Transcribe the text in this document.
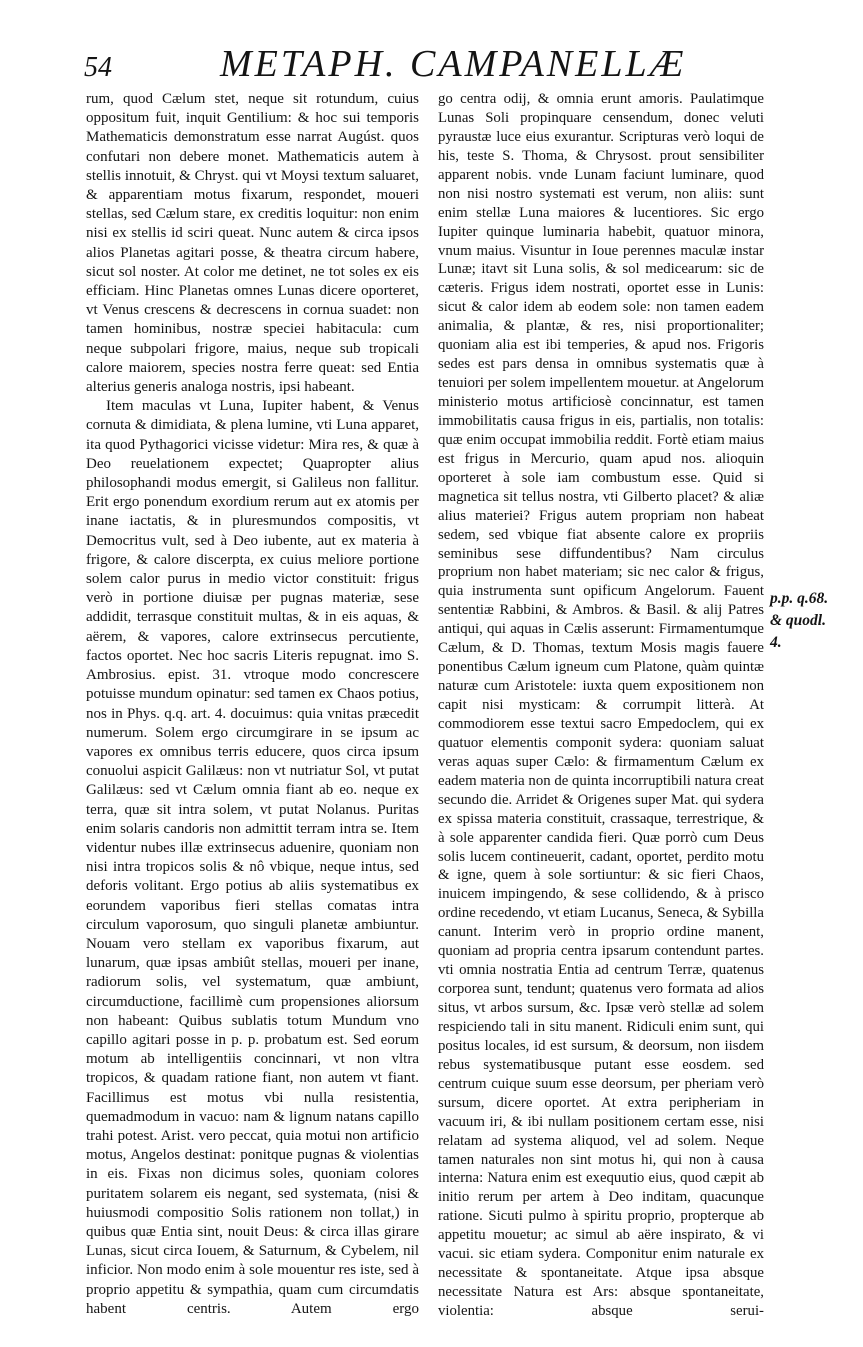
54	METAPH. CAMPANELLÆ

rum, quod Cælum stet, neque sit rotundum, cuius oppositum fuit, inquit Gentilium: & hoc sui temporis Mathematicis demonstratum esse narrat Augúst. quos confutari non debere monet. Mathematicis autem à stellis innotuit, & Chryst. qui vt Moysi textum saluaret, & apparentiam motus fixarum, respondet, moueri stellas, sed Cælum stare, ex creditis loquitur: non enim nisi ex stellis id sciri queat. Nunc autem & circa ipsos alios Planetas agitari posse, & theatra circum habere, sicut sol noster. At color me detinet, ne tot soles ex eis efficiam. Hinc Planetas omnes Lunas dicere oporteret, vt Venus crescens & decrescens in cornua suadet: non tamen hominibus, nostræ speciei habitacula: cum neque subpolari frigore, maius, neque sub tropicali calore maiorem, species nostra ferre queat: sed Entia alterius generis analoga nostris, ipsi habeant.

Item maculas vt Luna, Iupiter habent, & Venus cornuta & dimidiata, & plena lumine, vti Luna apparet, ita quod Pythagorici vicisse videtur: Mira res, & quæ à Deo reuelationem expectet; Quapropter alius philosophandi modus emergit, si Galileus non fallitur. Erit ergo ponendum exordium rerum aut ex atomis per inane iactatis, & in pluresmundos compositis, vt Democritus vult, sed à Deo iubente, aut ex materia à frigore, & calore discerpta, ex cuius meliore portione solem calor purus in medio victor constituit: frigus verò in portione diuisæ per pugnas materiæ, sese addidit, terrasque constituit multas, & in eis aquas, & aërem, & vapores, calore extrinsecus percutiente, factos oportet. Nec hoc sacris Literis repugnat. imo S. Ambrosius. epist. 31. vtroque modo concrescere potuisse mundum opinatur: sed tamen ex Chaos potius, nos in Phys. q.q. art. 4. docuimus: quia vnitas præcedit numerum. Solem ergo circumgirare in se ipsum ac vapores ex omnibus terris educere, quos circa ipsum conuolui aspicit Galilæus: non vt nutriatur Sol, vt putat Galilæus: sed vt Cælum omnia fiant ab eo. neque ex terra, quæ sit intra solem, vt putat Nolanus. Puritas enim solaris candoris non admittit terram intra se. Item videntur nubes illæ extrinsecus aduenire, quoniam non nisi intra tropicos solis & nô vbique, neque intus, sed deforis volitant. Ergo potius ab aliis systematibus ex eorundem vaporibus fieri stellas comatas intra circulum vaporosum, quo singuli planetæ ambiuntur. Nouam vero stellam ex vaporibus fixarum, aut lunarum, quæ ipsas ambiût stellas, moueri per inane, radiorum solis, vel systematum, quæ ambiunt, circumductione, facillimè cum propensiones aliorsum non habeant: Quibus sublatis totum Mundum vno capillo agitari posse in p. p. probatum est. Sed eorum motum ab intelligentiis concinnari, vt non vltra tropicos, & quadam ratione fiant, non autem vt fiant. Facillimus est motus vbi nulla resistentia, quemadmodum in vacuo: nam & lignum natans capillo trahi potest. Arist. vero peccat, quia motui non artificio motus, Angelos destinat: ponitque pugnas & violentias in eis. Fixas non dicimus soles, quoniam colores puritatem solarem eis negant, sed systemata, (nisi & huiusmodi compositio Solis rationem non tollat,) in quibus quæ Entia sint, nouit Deus: & circa illas girare Lunas, sicut circa Iouem, & Saturnum, & Cybelem, nil inficior. Non modo enim à sole mouentur res iste, sed à proprio appetitu & sympathia, quam cum circumdatis habent centris. Autem ergo

go centra odij, & omnia erunt amoris. Paulatimque Lunas Soli propinquare censendum, donec veluti pyraustæ luce eius exurantur. Scripturas verò loqui de his, teste S. Thoma, & Chrysost. prout sensibiliter apparent nobis. vnde Lunam faciunt luminare, quod non nisi nostro systemati est verum, non aliis: sunt enim stellæ Luna maiores & lucentiores. Sic ergo Iupiter quinque luminaria habebit, quatuor minora, vnum maius. Visuntur in Ioue perennes maculæ instar Lunæ; itavt sit Luna solis, & sol medicearum: sic de cæteris. Frigus idem nostrati, oportet esse in Lunis: sicut & calor idem ab eodem sole: non tamen eadem animalia, & plantæ, & res, nisi proportionaliter; quoniam alia est ibi temperies, & apud nos. Frigoris sedes est pars densa in omnibus systematis quæ à tenuiori per solem impellentem mouetur. at Angelorum ministerio motus artificiosè concinnatur, est tamen immobilitatis causa frigus in eis, partialis, non totalis: quæ enim occupat immobilia reddit. Fortè etiam maius est frigus in Mercurio, quam apud nos. alioquin oporteret à sole iam combustum esse. Quid si magnetica sit tellus nostra, vti Gilberto placet? & aliæ alius materiei? Frigus autem propriam non habeat sedem, sed vbique fiat absente calore ex propriis seminibus sese diffundentibus? Nam circulus proprium non habet materiam; sic nec calor & frigus, quia instrumenta sunt opificum Angelorum. Fauent sententiæ Rabbini, & Ambros. & Basil. & alij Patres antiqui, qui aquas in Cælis asserunt: Firmamentumque Cælum, & D. Thomas, textum Mosis magis fauere ponentibus Cælum igneum cum Platone, quàm quintæ naturæ cum Aristotele: iuxta quem expositionem non capit nisi mysticam: & corrumpit litterà. At commodiorem esse textui sacro Empedoclem, qui ex quatuor elementis componit sydera: quoniam saluat veras aquas super Cælo: & firmamentum Cælum ex eadem materia non de quinta incorruptibili natura creat secundo die. Arridet & Origenes super Mat. qui sydera ex spissa materia constituit, crassaque, terrestrique, & à sole apparenter candida fieri. Quæ porrò cum Deus solis lucem contineuerit, cadant, oportet, perdito motu & igne, quem à sole sortiuntur: & sic fieri Chaos, inuicem impingendo, & sese collidendo, & à prisco ordine recedendo, vt etiam Lucanus, Seneca, & Sybilla canunt. Interim verò in proprio ordine manent, quoniam ad propria centra ipsarum contendunt partes. vti omnia nostratia Entia ad centrum Terræ, quatenus corporea sunt, tendunt; quatenus vero formata ad alios situs, vt arbos sursum, &c. Ipsæ verò stellæ ad solem respiciendo tali in situ manent. Ridiculi enim sunt, qui positus locales, id est sursum, & deorsum, non iisdem rebus systematibusque putant esse eosdem. sed centrum cuique suum esse deorsum, per pheriam verò sursum, dicere oportet. At extra peripheriam in vacuum iri, & ibi nullam positionem certam esse, nisi relatam ad systema aliquod, vel ad solem. Neque tamen naturales non sint motus hi, qui non à causa interna: Natura enim est exequutio eius, quod cæpit ab initio rerum per artem à Deo inditam, quacunque ratione. Sicuti pulmo à spiritu proprio, propterque ab appetitu mouetur; ac simul ab aëre inspirato, & vi vacui. sic etiam sydera. Componitur enim naturale ex necessitate & spontaneitate. Atque ipsa absque necessitate Natura est Ars: absque spontaneitate, violentia: absque serui-

p.p. q.68.
& quodl.
4.
